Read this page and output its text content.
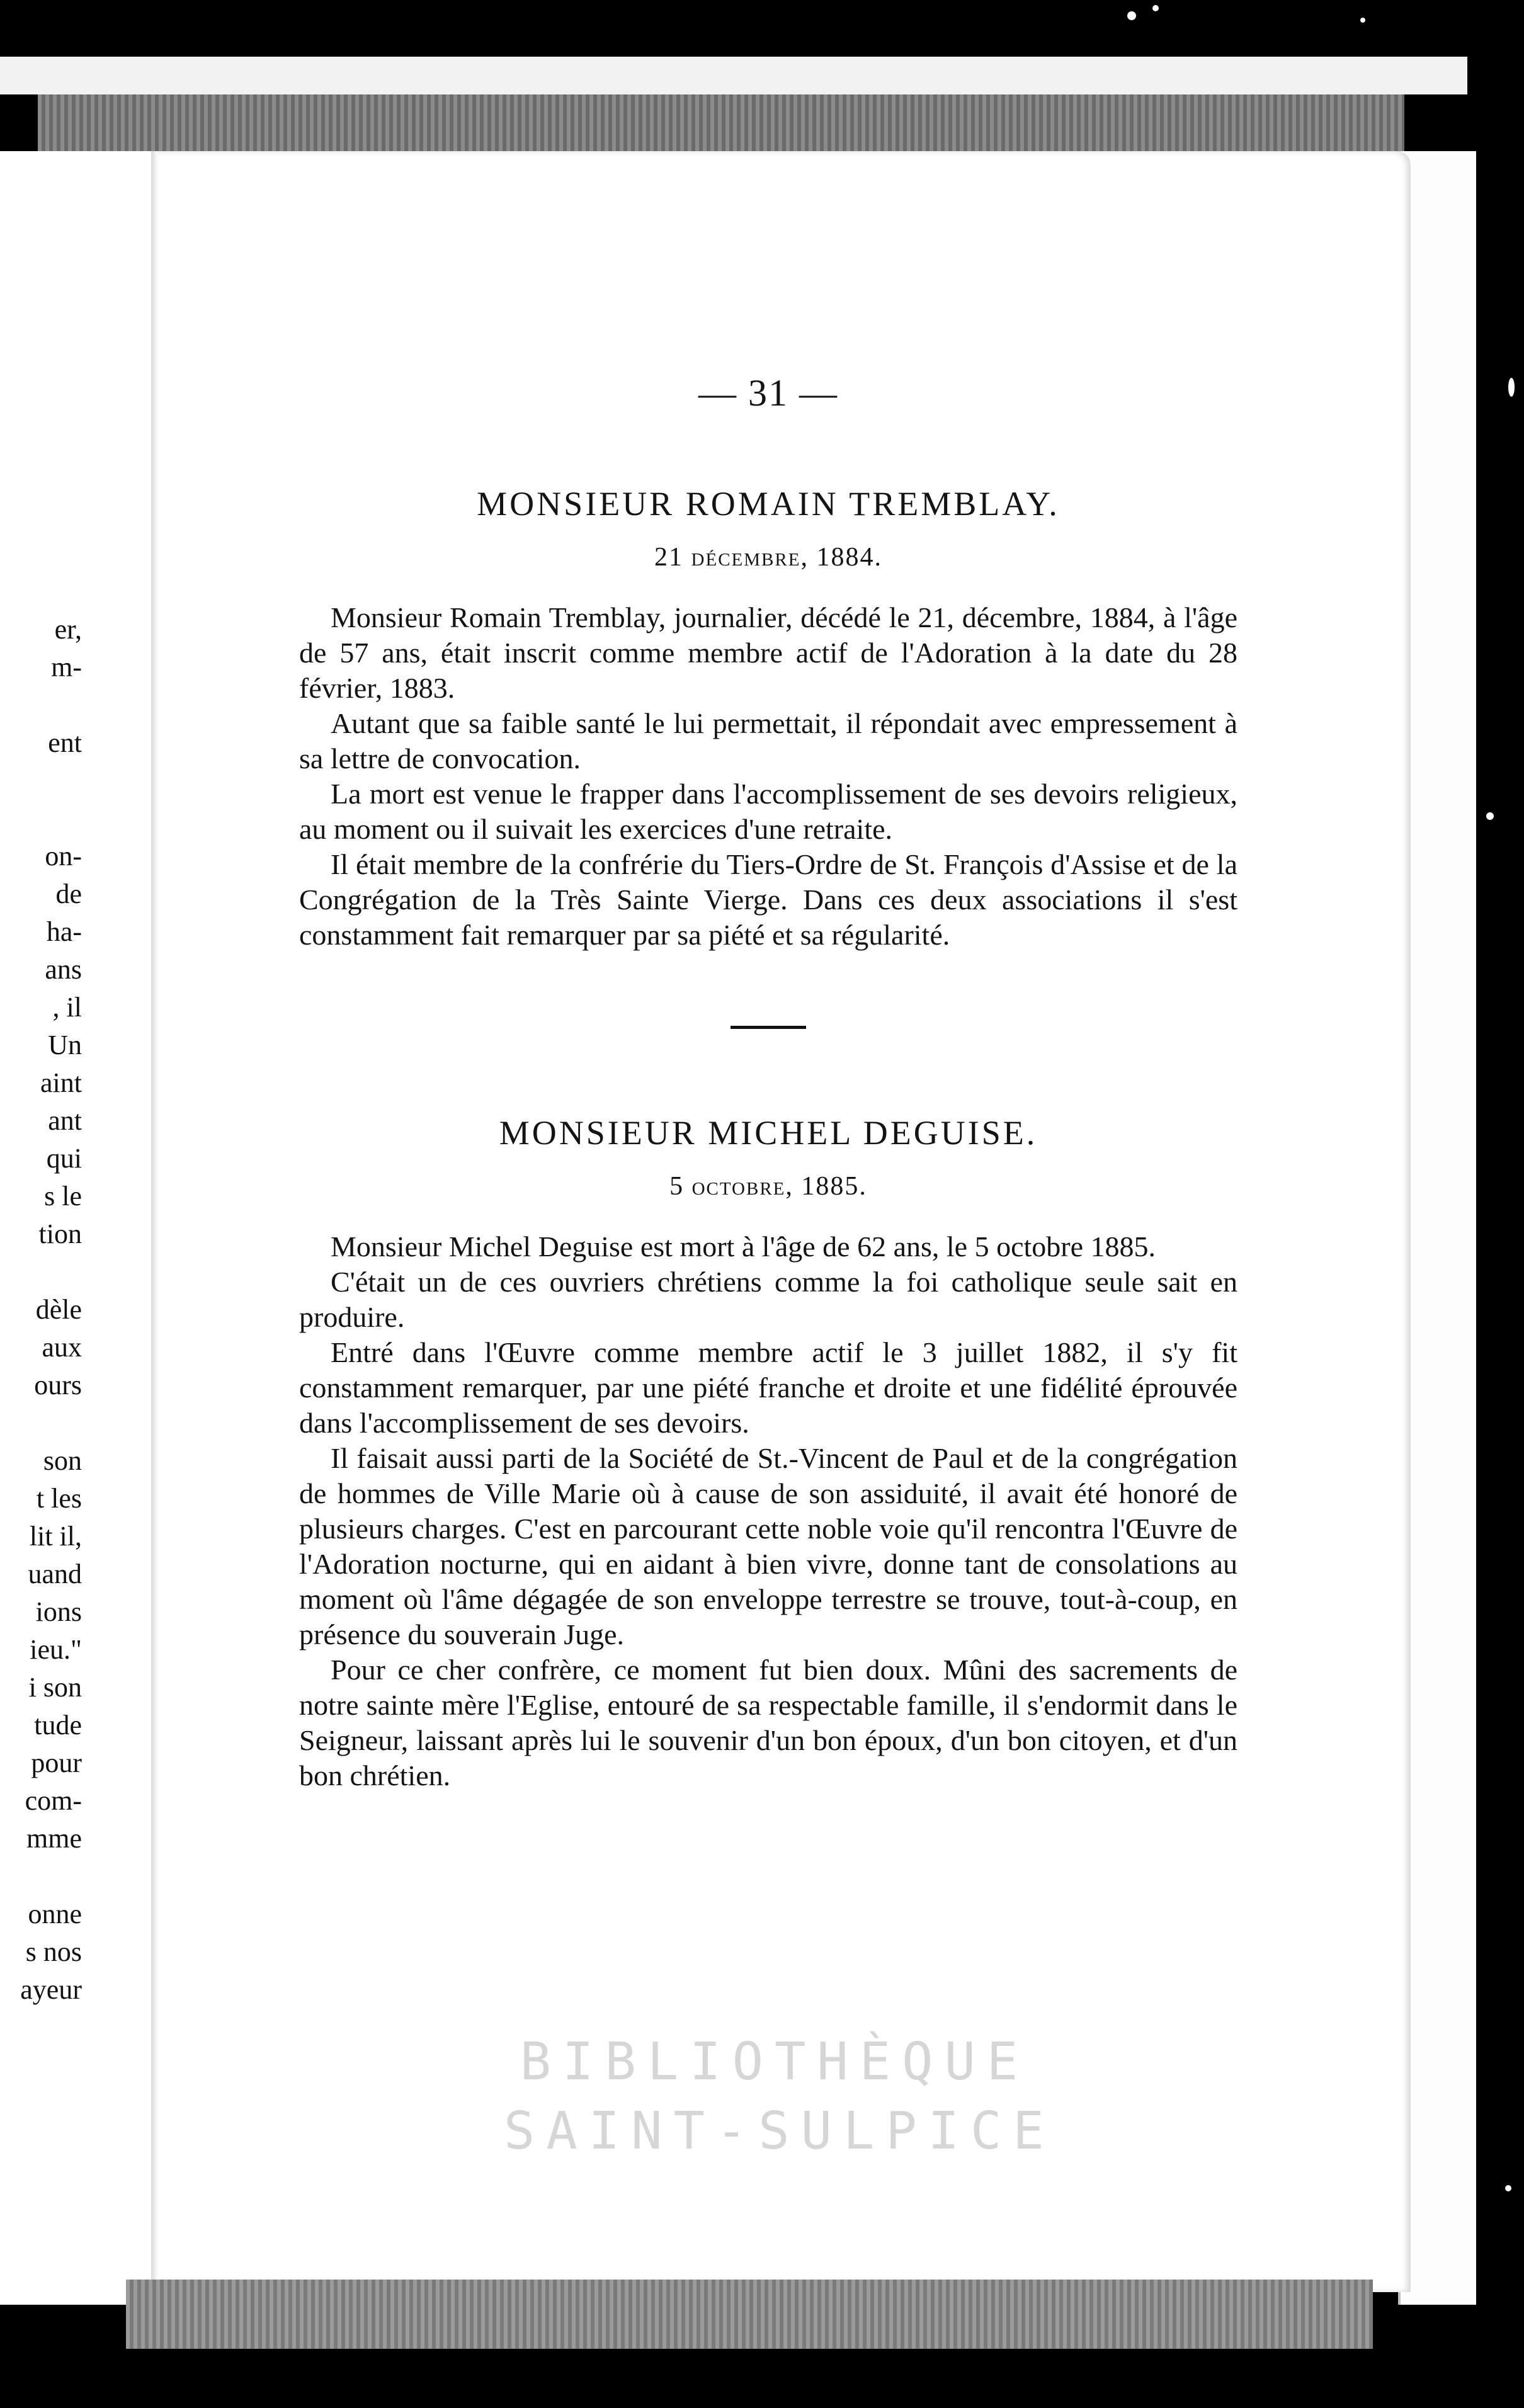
er,
m-
ent
on-
de
ha-
ans
, il
Un
aint
ant
qui
s le
tion
dèle
aux
ours
son
t les
lit il,
uand
ions
ieu."
i son
tude
pour
com-
mme
onne
s nos
ayeur
— 31 —
MONSIEUR ROMAIN TREMBLAY.
21 décembre, 1884.

Monsieur Romain Tremblay, journalier, décédé le 21, décembre, 1884, à l'âge de 57 ans, était inscrit comme membre actif de l'Adoration à la date du 28 février, 1883.

Autant que sa faible santé le lui permettait, il répondait avec empressement à sa lettre de convocation.

La mort est venue le frapper dans l'accomplissement de ses devoirs religieux, au moment ou il suivait les exercices d'une retraite.

Il était membre de la confrérie du Tiers-Ordre de St. François d'Assise et de la Congrégation de la Très Sainte Vierge. Dans ces deux associations il s'est constamment fait remarquer par sa piété et sa régularité.

MONSIEUR MICHEL DEGUISE.
5 octobre, 1885.

Monsieur Michel Deguise est mort à l'âge de 62 ans, le 5 octobre 1885.

C'était un de ces ouvriers chrétiens comme la foi catholique seule sait en produire.

Entré dans l'Œuvre comme membre actif le 3 juillet 1882, il s'y fit constamment remarquer, par une piété franche et droite et une fidélité éprouvée dans l'accomplissement de ses devoirs.

Il faisait aussi parti de la Société de St.-Vincent de Paul et de la congrégation de hommes de Ville Marie où à cause de son assiduité, il avait été honoré de plusieurs charges. C'est en parcourant cette noble voie qu'il rencontra l'Œuvre de l'Adoration nocturne, qui en aidant à bien vivre, donne tant de consolations au moment où l'âme dégagée de son enveloppe terrestre se trouve, tout-à-coup, en présence du souverain Juge.

Pour ce cher confrère, ce moment fut bien doux. Mûni des sacrements de notre sainte mère l'Eglise, entouré de sa respectable famille, il s'endormit dans le Seigneur, laissant après lui le souvenir d'un bon époux, d'un bon citoyen, et d'un bon chrétien.

BIBLIOTHÈQUE
SAINT-SULPICE
